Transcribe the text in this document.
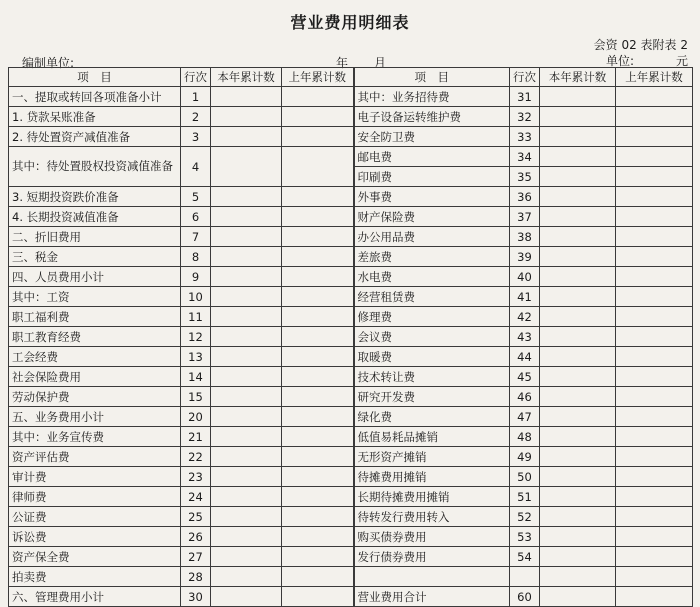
营业费用明细表
会资 02 表附表 2
单位:	元
编制单位:	年 月
项　目	行次	本年累计数	上年累计数	项　目	行次	本年累计数	上年累计数
一、提取或转回各项准备小计	1			其中：业务招待费	31		
1. 贷款呆账准备	2			电子设备运转维护费	32		
2. 待处置资产减值准备	3			安全防卫费	33		
其中：待处置股权投资减值准备	4			邮电费	34		
				印刷费	35		
3. 短期投资跌价准备	5			外事费	36		
4. 长期投资减值准备	6			财产保险费	37		
二、折旧费用	7			办公用品费	38		
三、税金	8			差旅费	39		
四、人员费用小计	9			水电费	40		
其中：工资	10			经营租赁费	41		
职工福利费	11			修理费	42		
职工教育经费	12			会议费	43		
工会经费	13			取暖费	44		
社会保险费用	14			技术转让费	45		
劳动保护费	15			研究开发费	46		
五、业务费用小计	20			绿化费	47		
其中：业务宣传费	21			低值易耗品摊销	48		
资产评估费	22			无形资产摊销	49		
审计费	23			待摊费用摊销	50		
律师费	24			长期待摊费用摊销	51		
公证费	25			待转发行费用转入	52		
诉讼费	26			购买债券费用	53		
资产保全费	27			发行债券费用	54		
拍卖费	28						
六、管理费用小计	30			营业费用合计	60		
